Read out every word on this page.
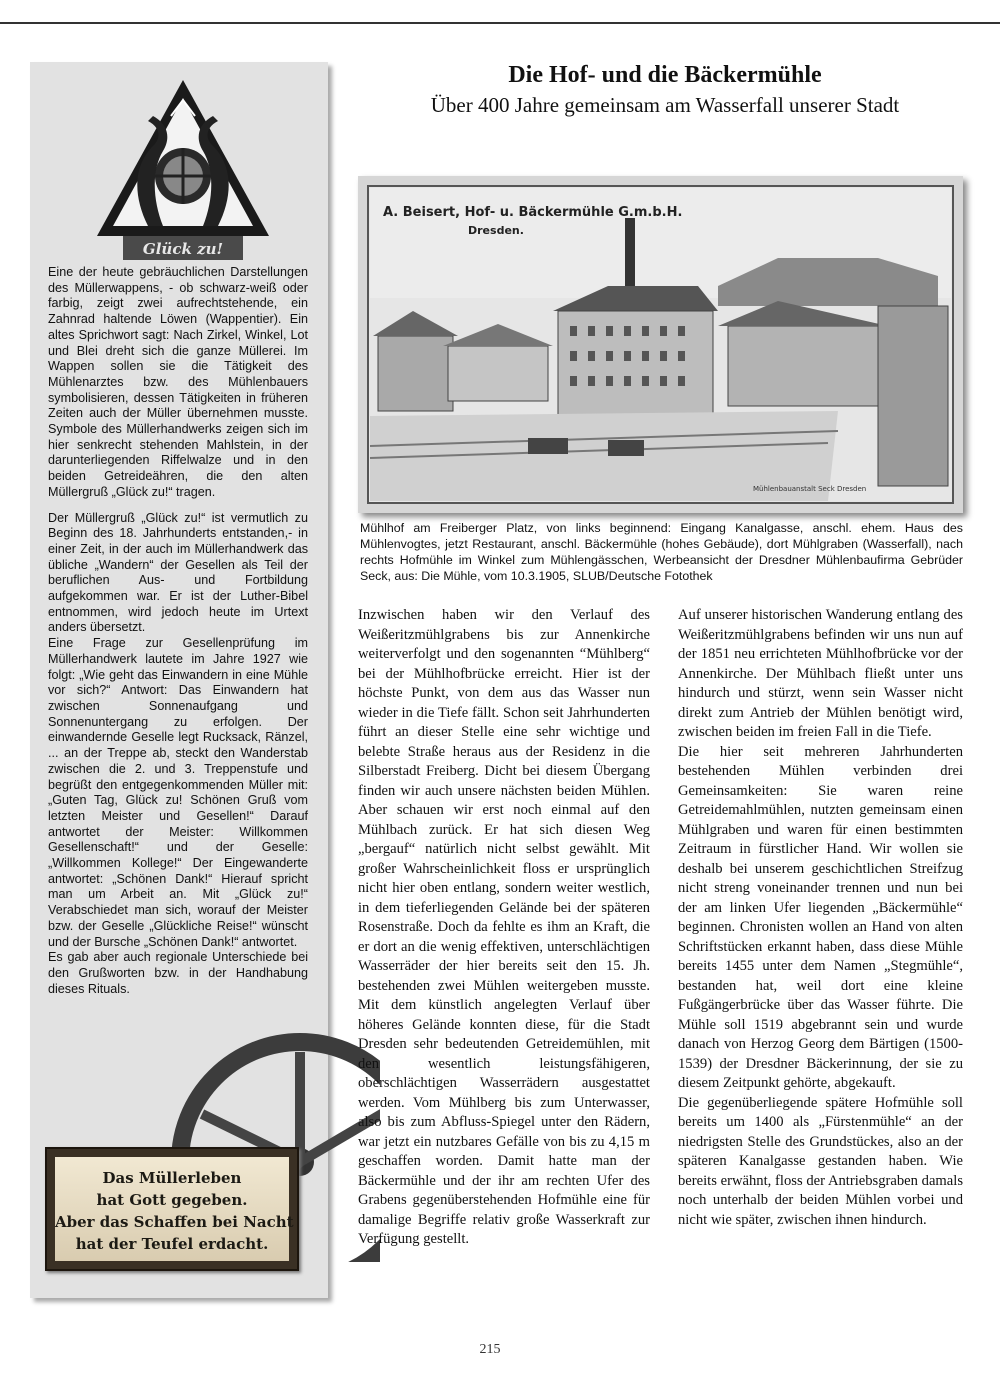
Glück zu!

Eine der heute gebräuchlichen Darstellungen des Müllerwappens, - ob schwarz-weiß oder farbig, zeigt zwei aufrechtstehende, ein Zahnrad haltende Löwen (Wappentier). Ein altes Sprichwort sagt: Nach Zirkel, Winkel, Lot und Blei dreht sich die ganze Müllerei. Im Wappen sollen sie die Tätigkeit des Mühlenarztes bzw. des Mühlenbauers symbolisieren, dessen Tätigkeiten in früheren Zeiten auch der Müller übernehmen musste. Symbole des Müllerhandwerks zeigen sich im hier senkrecht stehenden Mahlstein, in der darunterliegenden Riffelwalze und in den beiden Getreideähren, die den alten Müllergruß „Glück zu!“ tragen.

Der Müllergruß „Glück zu!“ ist vermutlich zu Beginn des 18. Jahrhunderts entstanden,- in einer Zeit, in der auch im Müllerhandwerk das übliche „Wandern“ der Gesellen als Teil der beruflichen Aus- und Fortbildung aufgekommen war. Er ist der Luther-Bibel entnommen, wird jedoch heute im Urtext anders übersetzt.

Eine Frage zur Gesellenprüfung im Müllerhandwerk lautete im Jahre 1927 wie folgt: „Wie geht das Einwandern in eine Mühle vor sich?“ Antwort: Das Einwandern hat zwischen Sonnenaufgang und Sonnenuntergang zu erfolgen. Der einwandernde Geselle legt Rucksack, Ränzel, ... an der Treppe ab, steckt den Wanderstab zwischen die 2. und 3. Treppenstufe und begrüßt den entgegenkommenden Müller mit: „Guten Tag, Glück zu! Schönen Gruß vom letzten Meister und Gesellen!“ Darauf antwortet der Meister: Willkommen Gesellenschaft!“ und der Geselle: „Willkommen Kollege!“ Der Eingewanderte antwortet: „Schönen Dank!“ Hierauf spricht man um Arbeit an. Mit „Glück zu!“ Verabschiedet man sich, worauf der Meister bzw. der Geselle „Glückliche Reise!“ wünscht und der Bursche „Schönen Dank!“ antwortet.

Es gab aber auch regionale Unterschiede bei den Grußworten bzw. in der Handhabung dieses Rituals.

Das Müllerleben
hat Gott gegeben.
Aber das Schaffen bei Nacht
hat der Teufel erdacht.
Die Hof- und die Bäckermühle
Über 400 Jahre gemeinsam am Wasserfall unserer Stadt
A. Beisert, Hof- u. Bäckermühle G.m.b.H.
Dresden.
Mühlenbauanstalt Seck Dresden
Mühlhof am Freiberger Platz, von links beginnend: Eingang Kanalgasse, anschl. ehem. Haus des Mühlenvogtes, jetzt Restaurant, anschl. Bäckermühle (hohes Gebäude), dort Mühlgraben (Wasserfall), nach rechts Hofmühle im Winkel zum Mühlengässchen, Werbeansicht der Dresdner Mühlenbaufirma Gebrüder Seck, aus: Die Mühle, vom 10.3.1905, SLUB/Deutsche Fotothek

Inzwischen haben wir den Verlauf des Weißeritzmühlgrabens bis zur Annenkirche weiterverfolgt und den sogenannten “Mühlberg“ bei der Mühlhofbrücke erreicht. Hier ist der höchste Punkt, von dem aus das Wasser nun wieder in die Tiefe fällt. Schon seit Jahrhunderten führt an dieser Stelle eine sehr wichtige und belebte Straße heraus aus der Residenz in die Silberstadt Freiberg. Dicht bei diesem Übergang finden wir auch unsere nächsten beiden Mühlen. Aber schauen wir erst noch einmal auf den Mühlbach zurück. Er hat sich diesen Weg „bergauf“ natürlich nicht selbst gewählt. Mit großer Wahrscheinlichkeit floss er ursprünglich nicht hier oben entlang, sondern weiter westlich, in dem tieferliegenden Gelände bei der späteren Rosenstraße. Doch da fehlte es ihm an Kraft, die er dort an die wenig effektiven, unterschlächtigen Wasserräder der hier bereits seit den 15. Jh. bestehenden zwei Mühlen weitergeben musste. Mit dem künstlich angelegten Verlauf über höheres Gelände konnten diese, für die Stadt Dresden sehr bedeutenden Getreidemühlen, mit den wesentlich leistungsfähigeren, oberschlächtigen Wasserrädern ausgestattet werden. Vom Mühlberg bis zum Unterwasser, also bis zum Abfluss-Spiegel unter den Rädern, war jetzt ein nutzbares Gefälle von bis zu 4,15 m geschaffen worden. Damit hatte man der Bäckermühle und der ihr am rechten Ufer des Grabens gegenüberstehenden Hofmühle eine für damalige Begriffe relativ große Wasserkraft zur Verfügung gestellt.

Auf unserer historischen Wanderung entlang des Weißeritzmühlgrabens befinden wir uns nun auf der 1851 neu errichteten Mühlhofbrücke vor der Annenkirche. Der Mühlbach fließt unter uns hindurch und stürzt, wenn sein Wasser nicht direkt zum Antrieb der Mühlen benötigt wird, zwischen beiden im freien Fall in die Tiefe.

Die hier seit mehreren Jahrhunderten bestehenden Mühlen verbinden drei Gemeinsamkeiten: Sie waren reine Getreidemahlmühlen, nutzten gemeinsam einen Mühlgraben und waren für einen bestimmten Zeitraum in fürstlicher Hand. Wir wollen sie deshalb bei unserem geschichtlichen Streifzug nicht streng voneinander trennen und nun bei der am linken Ufer liegenden „Bäckermühle“ beginnen. Chronisten wollen an Hand von alten Schriftstücken erkannt haben, dass diese Mühle bereits 1455 unter dem Namen „Stegmühle“, bestanden hat, weil dort eine kleine Fußgängerbrücke über das Wasser führte. Die Mühle soll 1519 abgebrannt sein und wurde danach von Herzog Georg dem Bärtigen (1500-1539) der Dresdner Bäckerinnung, der sie zu diesem Zeitpunkt gehörte, abgekauft.

Die gegenüberliegende spätere Hofmühle soll bereits um 1400 als „Fürstenmühle“ an der niedrigsten Stelle des Grundstückes, also an der späteren Kanalgasse gestanden haben. Wie bereits erwähnt, floss der Antriebsgraben damals noch unterhalb der beiden Mühlen vorbei und nicht wie später, zwischen ihnen hindurch.

215
